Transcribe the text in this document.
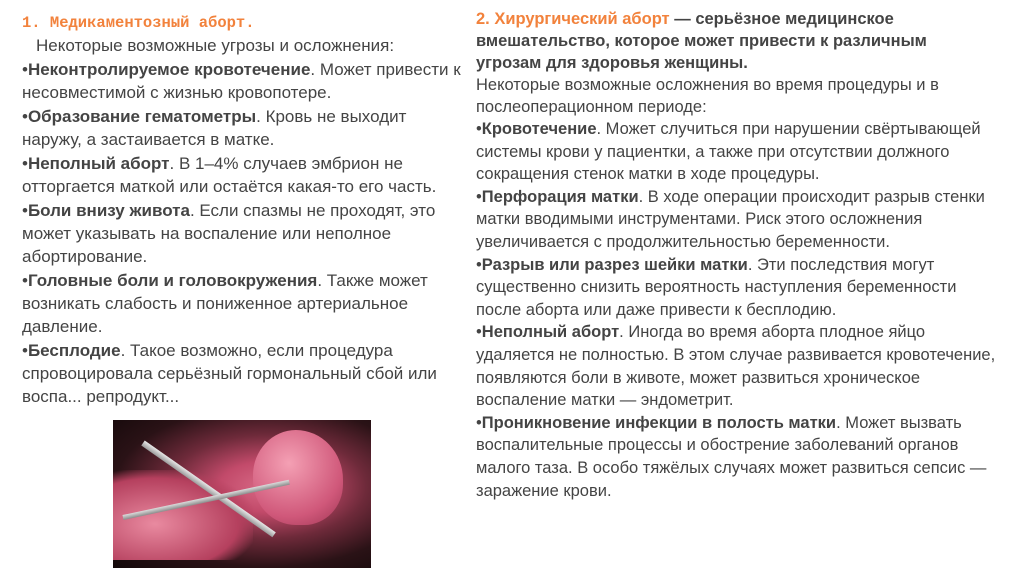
1. Медикаментозный аборт.
Некоторые возможные угрозы и осложнения:
•Неконтролируемое кровотечение. Может привести к несовместимой с жизнью кровопотере.
•Образование гематометры. Кровь не выходит наружу, а застаивается в матке.
•Неполный аборт. В 1–4% случаев эмбрион не отторгается маткой или остаётся какая-то его часть.
•Боли внизу живота. Если спазмы не проходят, это может указывать на воспаление или неполное абортирование.
•Головные боли и головокружения. Также может возникать слабость и пониженное артериальное давление.
•Бесплодие. Такое возможно, если процедура спровоцировала серьёзный гормональный сбой или воспа... репродукт...
2. Хирургический аборт — серьёзное медицинское вмешательство, которое может привести к различным угрозам для здоровья женщины.
Некоторые возможные осложнения во время процедуры и в послеоперационном периоде:
•Кровотечение. Может случиться при нарушении свёртывающей системы крови у пациентки, а также при отсутствии должного сокращения стенок матки в ходе процедуры.
•Перфорация матки. В ходе операции происходит разрыв стенки матки вводимыми инструментами. Риск этого осложнения увеличивается с продолжительностью беременности.
•Разрыв или разрез шейки матки. Эти последствия могут существенно снизить вероятность наступления беременности после аборта или даже привести к бесплодию.
•Неполный аборт. Иногда во время аборта плодное яйцо удаляется не полностью. В этом случае развивается кровотечение, появляются боли в животе, может развиться хроническое воспаление матки — эндометрит.
•Проникновение инфекции в полость матки. Может вызвать воспалительные процессы и обострение заболеваний органов малого таза. В особо тяжёлых случаях может развиться сепсис — заражение крови.
